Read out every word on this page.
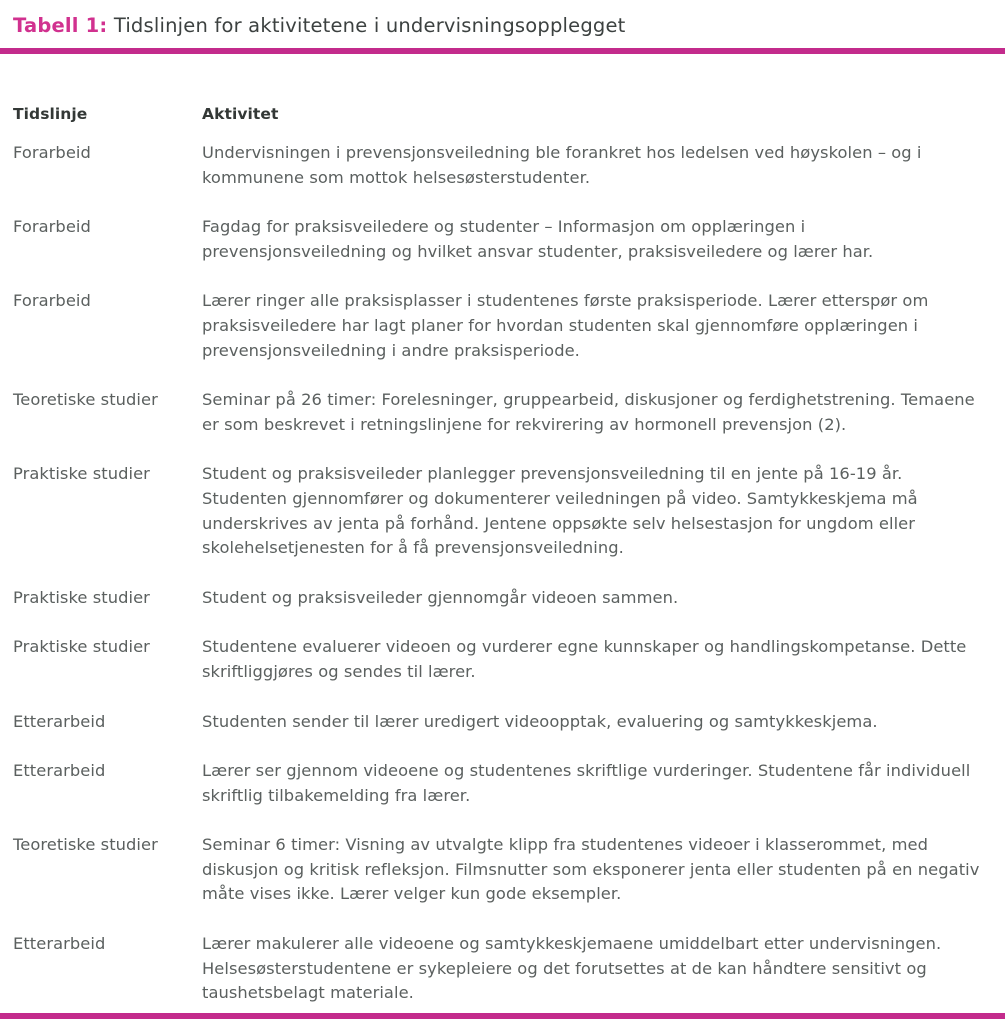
Tabell 1: Tidslinjen for aktivitetene i undervisningsopplegget
Tidslinje	Aktivitet
Forarbeid	Undervisningen i prevensjonsveiledning ble forankret hos ledelsen ved høyskolen – og i kommunene som mottok helsesøsterstudenter.
Forarbeid	Fagdag for praksisveiledere og studenter – Informasjon om opplæringen i prevensjonsveiledning og hvilket ansvar studenter, praksisveiledere og lærer har.
Forarbeid	Lærer ringer alle praksisplasser i studentenes første praksisperiode. Lærer etterspør om praksisveiledere har lagt planer for hvordan studenten skal gjennomføre opplæringen i prevensjonsveiledning i andre praksisperiode.
Teoretiske studier	Seminar på 26 timer: Forelesninger, gruppearbeid, diskusjoner og ferdighetstrening. Temaene er som beskrevet i retningslinjene for rekvirering av hormonell prevensjon (2).
Praktiske studier	Student og praksisveileder planlegger prevensjonsveiledning til en jente på 16-19 år. Studenten gjennomfører og dokumenterer veiledningen på video. Samtykkeskjema må underskrives av jenta på forhånd. Jentene oppsøkte selv helsestasjon for ungdom eller skolehelsetjenesten for å få prevensjonsveiledning.
Praktiske studier	Student og praksisveileder gjennomgår videoen sammen.
Praktiske studier	Studentene evaluerer videoen og vurderer egne kunnskaper og handlingskompetanse. Dette skriftliggjøres og sendes til lærer.
Etterarbeid	Studenten sender til lærer uredigert videoopptak, evaluering og samtykkeskjema.
Etterarbeid	Lærer ser gjennom videoene og studentenes skriftlige vurderinger. Studentene får individuell skriftlig tilbakemelding fra lærer.
Teoretiske studier	Seminar 6 timer: Visning av utvalgte klipp fra studentenes videoer i klasserommet, med diskusjon og kritisk refleksjon. Filmsnutter som eksponerer jenta eller studenten på en negativ måte vises ikke. Lærer velger kun gode eksempler.
Etterarbeid	Lærer makulerer alle videoene og samtykkeskjemaene umiddelbart etter undervisningen. Helsesøsterstudentene er sykepleiere og det forutsettes at de kan håndtere sensitivt og taushetsbelagt materiale.
